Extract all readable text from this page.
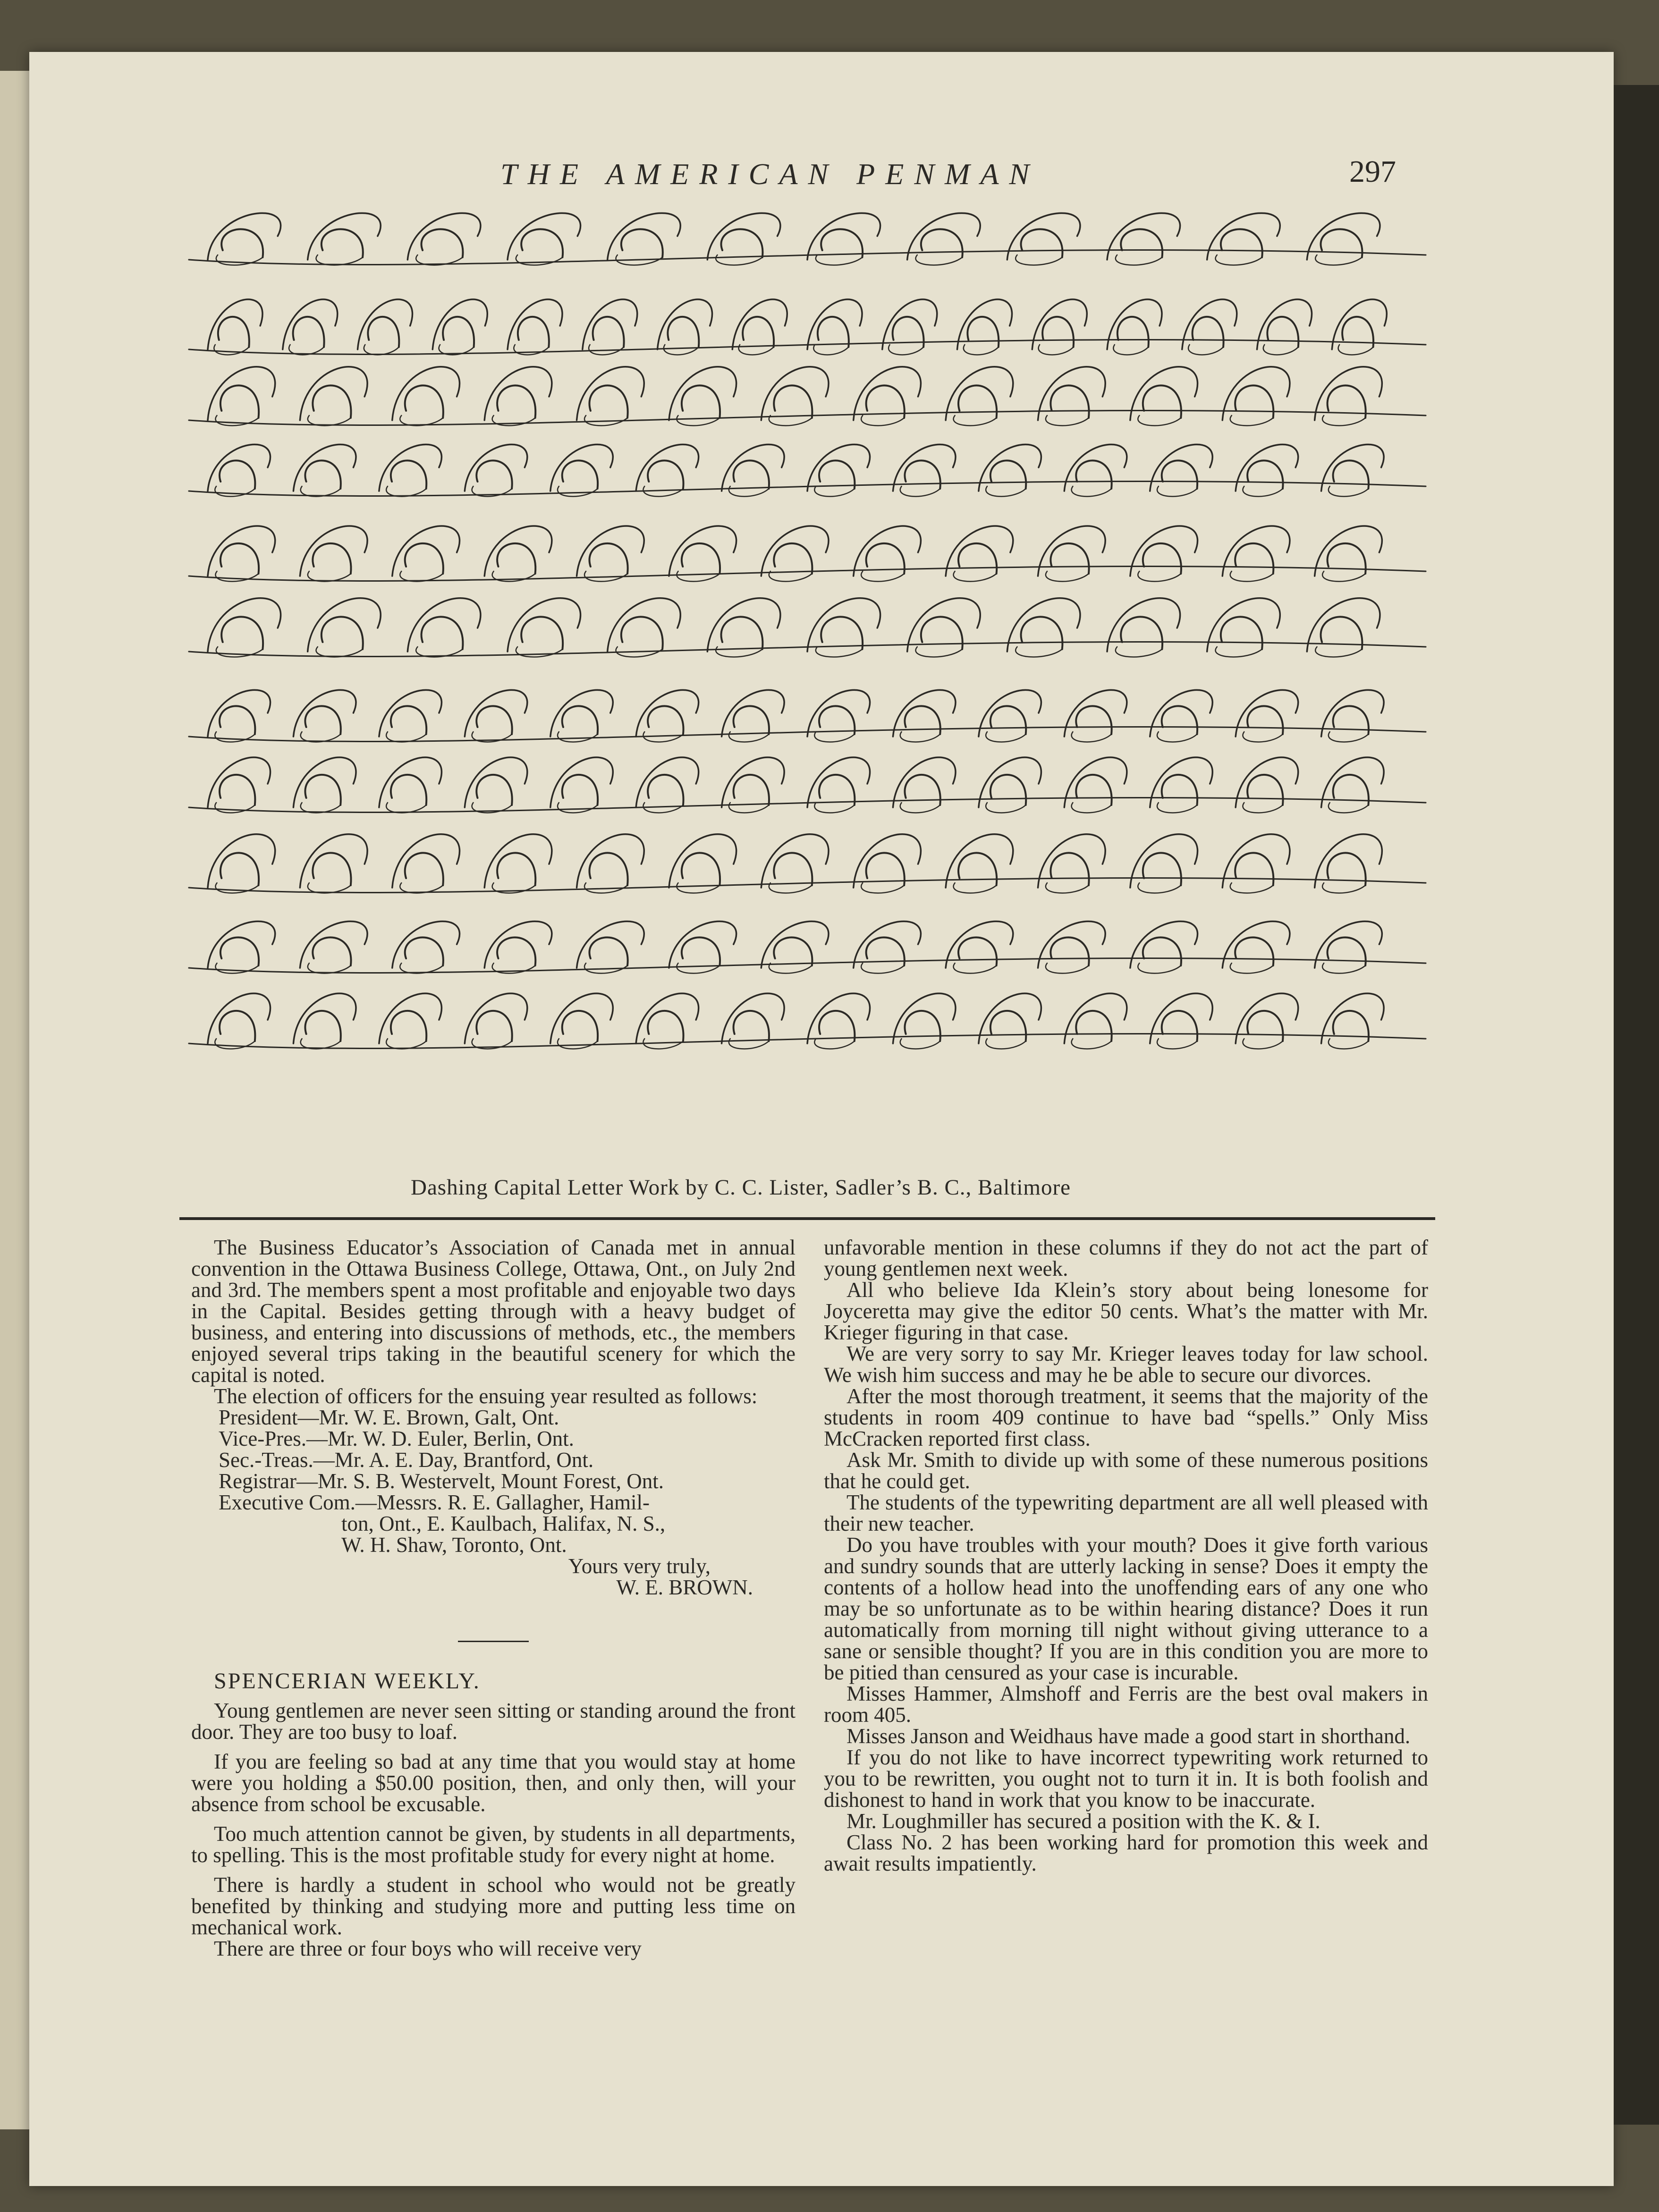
THE AMERICAN PENMAN	297
Dashing Capital Letter Work by C. C. Lister, Sadler’s B. C., Baltimore

The Business Educator’s Association of Canada met in annual convention in the Ottawa Business College, Ottawa, Ont., on July 2nd and 3rd. The members spent a most profitable and enjoyable two days in the Capital. Besides getting through with a heavy budget of business, and entering into discussions of methods, etc., the members enjoyed several trips taking in the beautiful scenery for which the capital is noted.

The election of officers for the ensuing year resulted as follows:

President—Mr. W. E. Brown, Galt, Ont.

Vice-Pres.—Mr. W. D. Euler, Berlin, Ont.

Sec.-Treas.—Mr. A. E. Day, Brantford, Ont.

Registrar—Mr. S. B. Westervelt, Mount Forest, Ont.

Executive Com.—Messrs. R. E. Gallagher, Hamil-

ton, Ont., E. Kaulbach, Halifax, N. S.,

W. H. Shaw, Toronto, Ont.

Yours very truly,

W. E. BROWN.

SPENCERIAN WEEKLY.

Young gentlemen are never seen sitting or standing around the front door. They are too busy to loaf.

If you are feeling so bad at any time that you would stay at home were you holding a $50.00 position, then, and only then, will your absence from school be excusable.

Too much attention cannot be given, by students in all departments, to spelling. This is the most profitable study for every night at home.

There is hardly a student in school who would not be greatly benefited by thinking and studying more and putting less time on mechanical work.

There are three or four boys who will receive very

unfavorable mention in these columns if they do not act the part of young gentlemen next week.

All who believe Ida Klein’s story about being lonesome for Joyceretta may give the editor 50 cents. What’s the matter with Mr. Krieger figuring in that case.

We are very sorry to say Mr. Krieger leaves today for law school. We wish him success and may he be able to secure our divorces.

After the most thorough treatment, it seems that the majority of the students in room 409 continue to have bad “spells.” Only Miss McCracken reported first class.

Ask Mr. Smith to divide up with some of these numerous positions that he could get.

The students of the typewriting department are all well pleased with their new teacher.

Do you have troubles with your mouth? Does it give forth various and sundry sounds that are utterly lacking in sense? Does it empty the contents of a hollow head into the unoffending ears of any one who may be so unfortunate as to be within hearing distance? Does it run automatically from morning till night without giving utterance to a sane or sensible thought? If you are in this condition you are more to be pitied than censured as your case is incurable.

Misses Hammer, Almshoff and Ferris are the best oval makers in room 405.

Misses Janson and Weidhaus have made a good start in shorthand.

If you do not like to have incorrect typewriting work returned to you to be rewritten, you ought not to turn it in. It is both foolish and dishonest to hand in work that you know to be inaccurate.

Mr. Loughmiller has secured a position with the K. & I.

Class No. 2 has been working hard for promotion this week and await results impatiently.
